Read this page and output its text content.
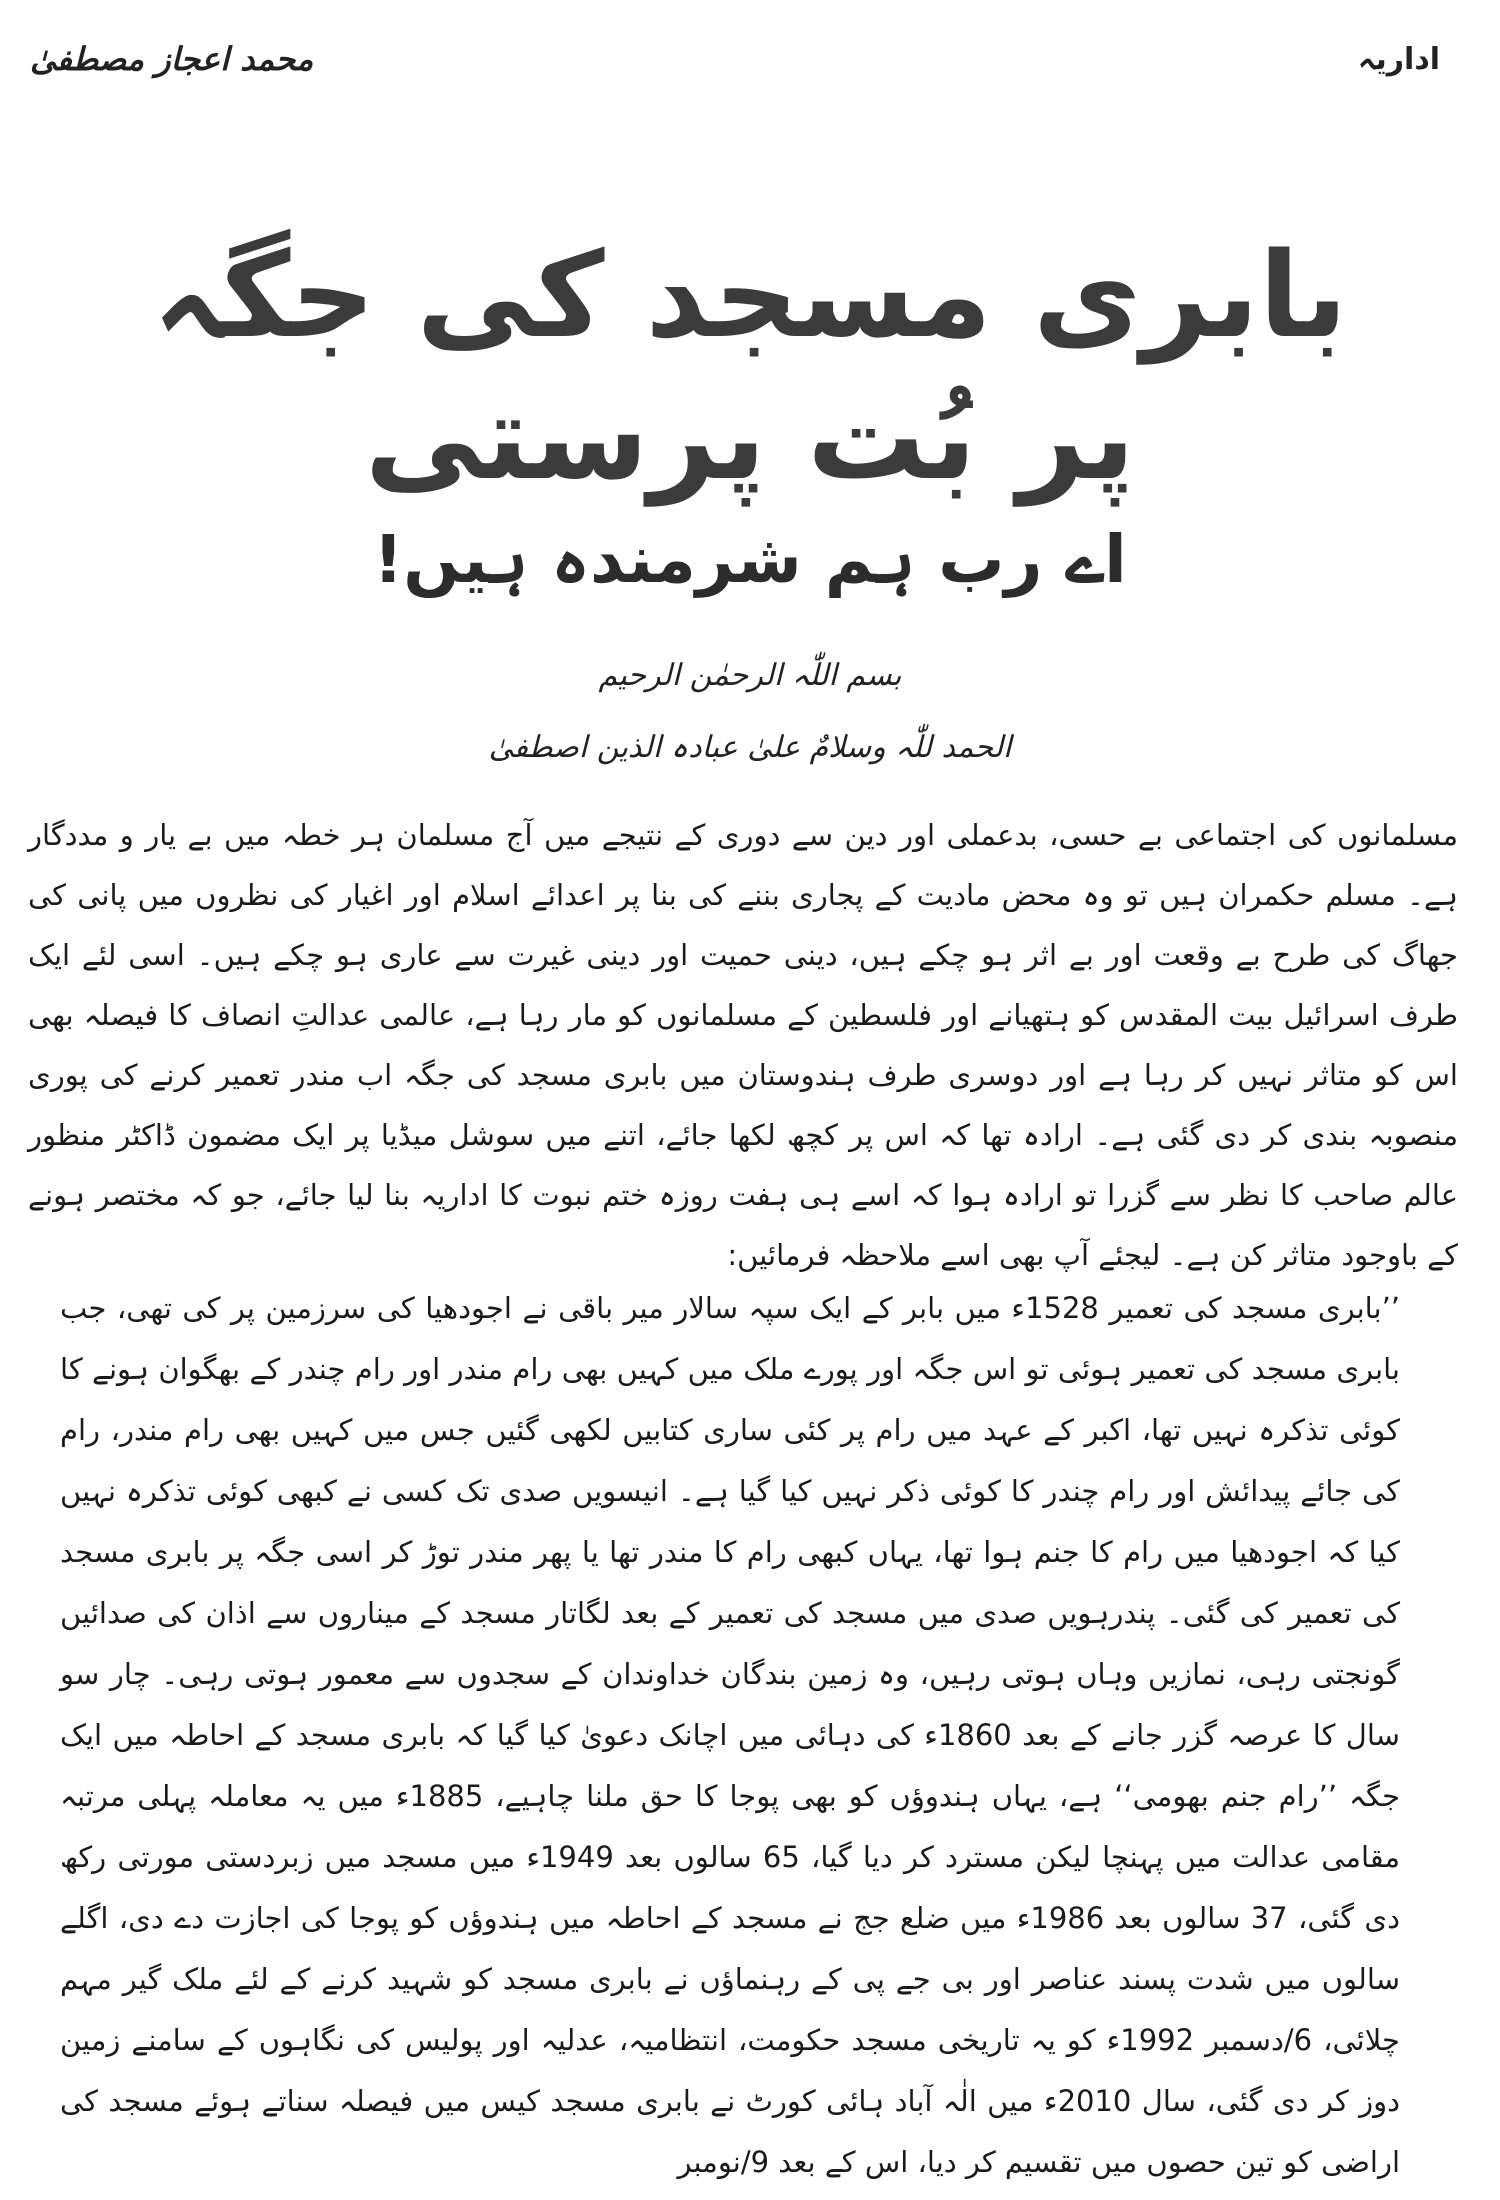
اداریہ
محمد اعجاز مصطفیٰ
بابری مسجد کی جگہ پر بُت پرستی
اے رب ہم شرمندہ ہیں!
بسم اللّٰہ الرحمٰن الرحیم
الحمد للّٰہ وسلامٌ علیٰ عبادہ الذین اصطفیٰ

مسلمانوں کی اجتماعی بے حسی، بدعملی اور دین سے دوری کے نتیجے میں آج مسلمان ہر خطہ میں بے یار و مددگار ہے۔ مسلم حکمران ہیں تو وہ محض مادیت کے پجاری بننے کی بنا پر اعدائے اسلام اور اغیار کی نظروں میں پانی کی جھاگ کی طرح بے وقعت اور بے اثر ہو چکے ہیں، دینی حمیت اور دینی غیرت سے عاری ہو چکے ہیں۔ اسی لئے ایک طرف اسرائیل بیت المقدس کو ہتھیانے اور فلسطین کے مسلمانوں کو مار رہا ہے، عالمی عدالتِ انصاف کا فیصلہ بھی اس کو متاثر نہیں کر رہا ہے اور دوسری طرف ہندوستان میں بابری مسجد کی جگہ اب مندر تعمیر کرنے کی پوری منصوبہ بندی کر دی گئی ہے۔ ارادہ تھا کہ اس پر کچھ لکھا جائے، اتنے میں سوشل میڈیا پر ایک مضمون ڈاکٹر منظور عالم صاحب کا نظر سے گزرا تو ارادہ ہوا کہ اسے ہی ہفت روزہ ختم نبوت کا اداریہ بنا لیا جائے، جو کہ مختصر ہونے کے باوجود متاثر کن ہے۔ لیجئے آپ بھی اسے ملاحظہ فرمائیں:

’’بابری مسجد کی تعمیر 1528ء میں بابر کے ایک سپہ سالار میر باقی نے اجودھیا کی سرزمین پر کی تھی، جب بابری مسجد کی تعمیر ہوئی تو اس جگہ اور پورے ملک میں کہیں بھی رام مندر اور رام چندر کے بھگوان ہونے کا کوئی تذکرہ نہیں تھا، اکبر کے عہد میں رام پر کئی ساری کتابیں لکھی گئیں جس میں کہیں بھی رام مندر، رام کی جائے پیدائش اور رام چندر کا کوئی ذکر نہیں کیا گیا ہے۔ انیسویں صدی تک کسی نے کبھی کوئی تذکرہ نہیں کیا کہ اجودھیا میں رام کا جنم ہوا تھا، یہاں کبھی رام کا مندر تھا یا پھر مندر توڑ کر اسی جگہ پر بابری مسجد کی تعمیر کی گئی۔ پندرہویں صدی میں مسجد کی تعمیر کے بعد لگاتار مسجد کے میناروں سے اذان کی صدائیں گونجتی رہی، نمازیں وہاں ہوتی رہیں، وہ زمین بندگان خداوندان کے سجدوں سے معمور ہوتی رہی۔ چار سو سال کا عرصہ گزر جانے کے بعد 1860ء کی دہائی میں اچانک دعویٰ کیا گیا کہ بابری مسجد کے احاطہ میں ایک جگہ ’’رام جنم بھومی‘‘ ہے، یہاں ہندوؤں کو بھی پوجا کا حق ملنا چاہیے، 1885ء میں یہ معاملہ پہلی مرتبہ مقامی عدالت میں پہنچا لیکن مسترد کر دیا گیا، 65 سالوں بعد 1949ء میں مسجد میں زبردستی مورتی رکھ دی گئی، 37 سالوں بعد 1986ء میں ضلع جج نے مسجد کے احاطہ میں ہندوؤں کو پوجا کی اجازت دے دی، اگلے سالوں میں شدت پسند عناصر اور بی جے پی کے رہنماؤں نے بابری مسجد کو شہید کرنے کے لئے ملک گیر مہم چلائی، 6/دسمبر 1992ء کو یہ تاریخی مسجد حکومت، انتظامیہ، عدلیہ اور پولیس کی نگاہوں کے سامنے زمین دوز کر دی گئی، سال 2010ء میں الٰہ آباد ہائی کورٹ نے بابری مسجد کیس میں فیصلہ سناتے ہوئے مسجد کی اراضی کو تین حصوں میں تقسیم کر دیا، اس کے بعد 9/نومبر
